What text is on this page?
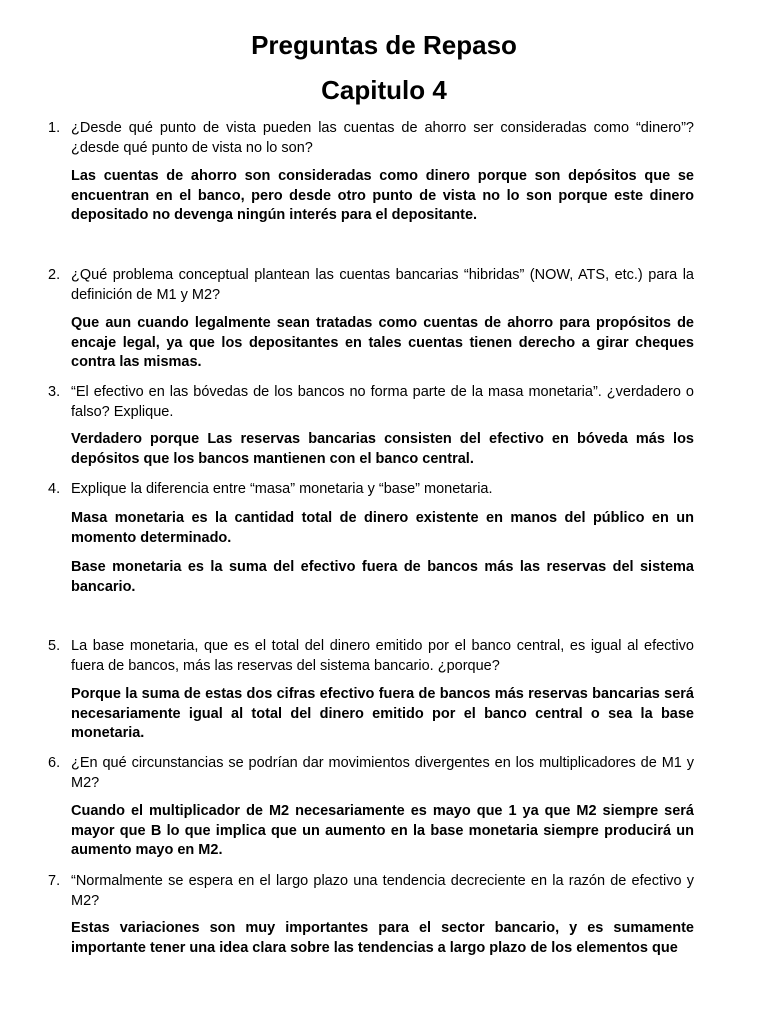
Preguntas de Repaso
Capitulo 4
1. ¿Desde qué punto de vista pueden las cuentas de ahorro ser consideradas como “dinero”? ¿desde qué punto de vista no lo son?
Las cuentas de ahorro son consideradas como dinero porque son depósitos que se encuentran en el banco, pero desde otro punto de vista no lo son porque este dinero depositado no devenga ningún interés para el depositante.
2. ¿Qué problema conceptual plantean las cuentas bancarias “hibridas” (NOW, ATS, etc.) para la definición de M1 y M2?
Que aun cuando legalmente sean tratadas como cuentas de ahorro para propósitos de encaje legal, ya que los depositantes en tales cuentas tienen derecho a girar cheques contra las mismas.
3. “El efectivo en las bóvedas de los bancos no forma parte de la masa monetaria”. ¿verdadero o falso? Explique.
Verdadero porque Las reservas bancarias consisten del efectivo en bóveda más los depósitos que los bancos mantienen con el banco central.
4. Explique la diferencia entre “masa” monetaria y “base” monetaria.
Masa monetaria es la cantidad total de dinero existente en manos del público en un momento determinado.
Base monetaria es la suma del efectivo fuera de bancos más las reservas del sistema bancario.
5. La base monetaria, que es el total del dinero emitido por el banco central, es igual al efectivo fuera de bancos, más las reservas del sistema bancario. ¿porque?
Porque la suma de estas dos cifras efectivo fuera de bancos más reservas bancarias será necesariamente igual al total del dinero emitido por el banco central o sea la base monetaria.
6. ¿En qué circunstancias se podrían dar movimientos divergentes en los multiplicadores de M1 y M2?
Cuando el multiplicador de M2 necesariamente es mayo que 1 ya que M2 siempre será mayor que B lo que implica que un aumento en la base monetaria siempre producirá un aumento mayo en M2.
7. “Normalmente se espera en el largo plazo una tendencia decreciente en la razón de efectivo y M2?
Estas variaciones son muy importantes para el sector bancario, y es sumamente importante tener una idea clara sobre las tendencias a largo plazo de los elementos que
